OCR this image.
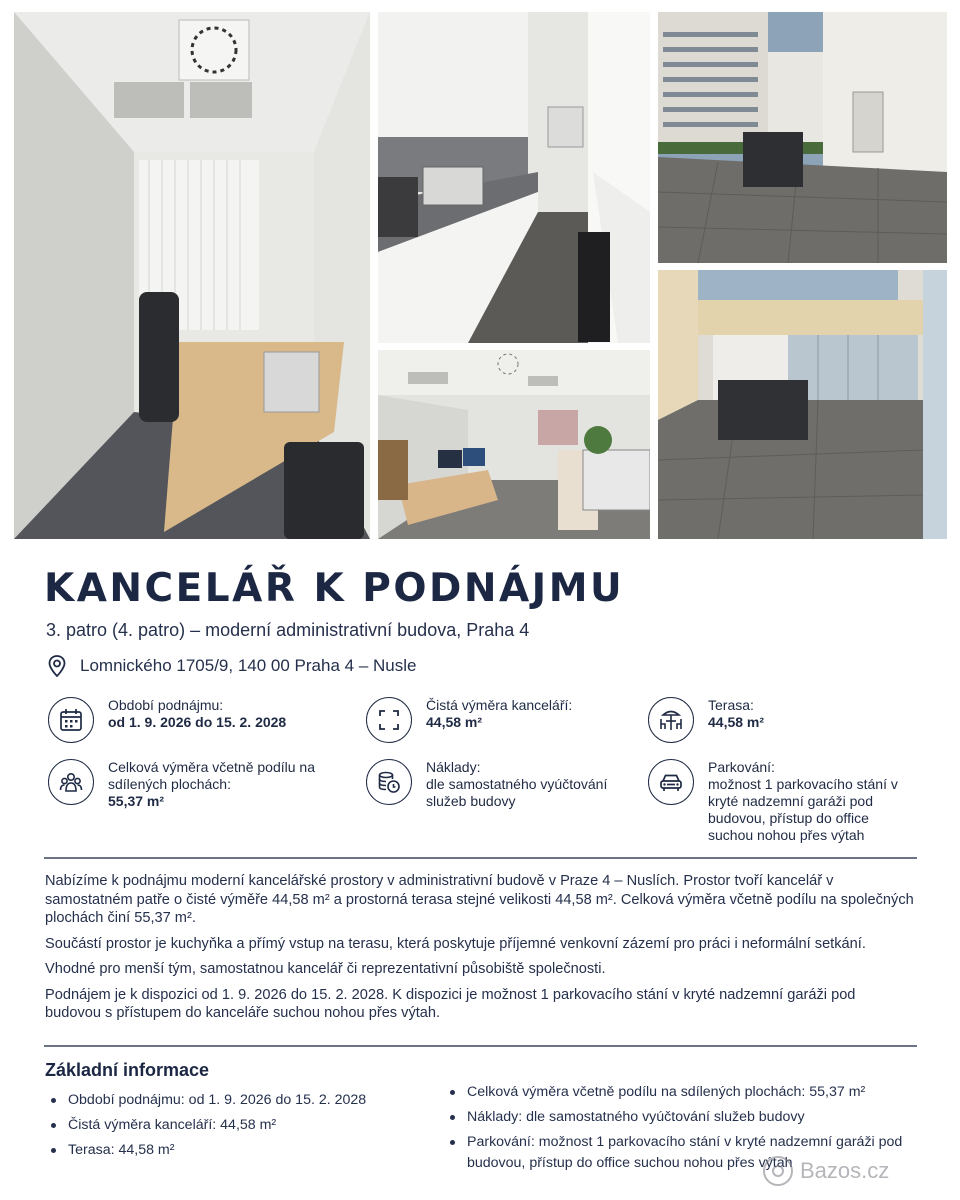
KANCELÁŘ K PODNÁJMU
3. patro (4. patro) – moderní administrativní budova, Praha 4
Lomnického 1705/9, 140 00 Praha 4 – Nusle
Období podnájmu:
od 1. 9. 2026 do 15. 2. 2028
Čistá výměra kanceláří:
44,58 m²
Terasa:
44,58 m²
Celková výměra včetně podílu na sdílených plochách:
55,37 m²
Náklady:
dle samostatného vyúčtování služeb budovy
Parkování:
možnost 1 parkovacího stání v kryté nadzemní garáži pod budovou, přístup do office suchou nohou přes výtah

Nabízíme k podnájmu moderní kancelářské prostory v administrativní budově v Praze 4 – Nuslích. Prostor tvoří kancelář v samostatném patře o čisté výměře 44,58 m² a prostorná terasa stejné velikosti 44,58 m². Celková výměra včetně podílu na společných plochách činí 55,37 m².

Součástí prostor je kuchyňka a přímý vstup na terasu, která poskytuje příjemné venkovní zázemí pro práci i neformální setkání.

Vhodné pro menší tým, samostatnou kancelář či reprezentativní působiště společnosti.

Podnájem je k dispozici od 1. 9. 2026 do 15. 2. 2028. K dispozici je možnost 1 parkovacího stání v kryté nadzemní garáži pod budovou s přístupem do kanceláře suchou nohou přes výtah.

Základní informace
Období podnájmu: od 1. 9. 2026 do 15. 2. 2028
Čistá výměra kanceláří: 44,58 m²
Terasa: 44,58 m²
Celková výměra včetně podílu na sdílených plochách: 55,37 m²
Náklady: dle samostatného vyúčtování služeb budovy
Parkování: možnost 1 parkovacího stání v kryté nadzemní garáži pod budovou, přístup do office suchou nohou přes výtah Bazos.cz
